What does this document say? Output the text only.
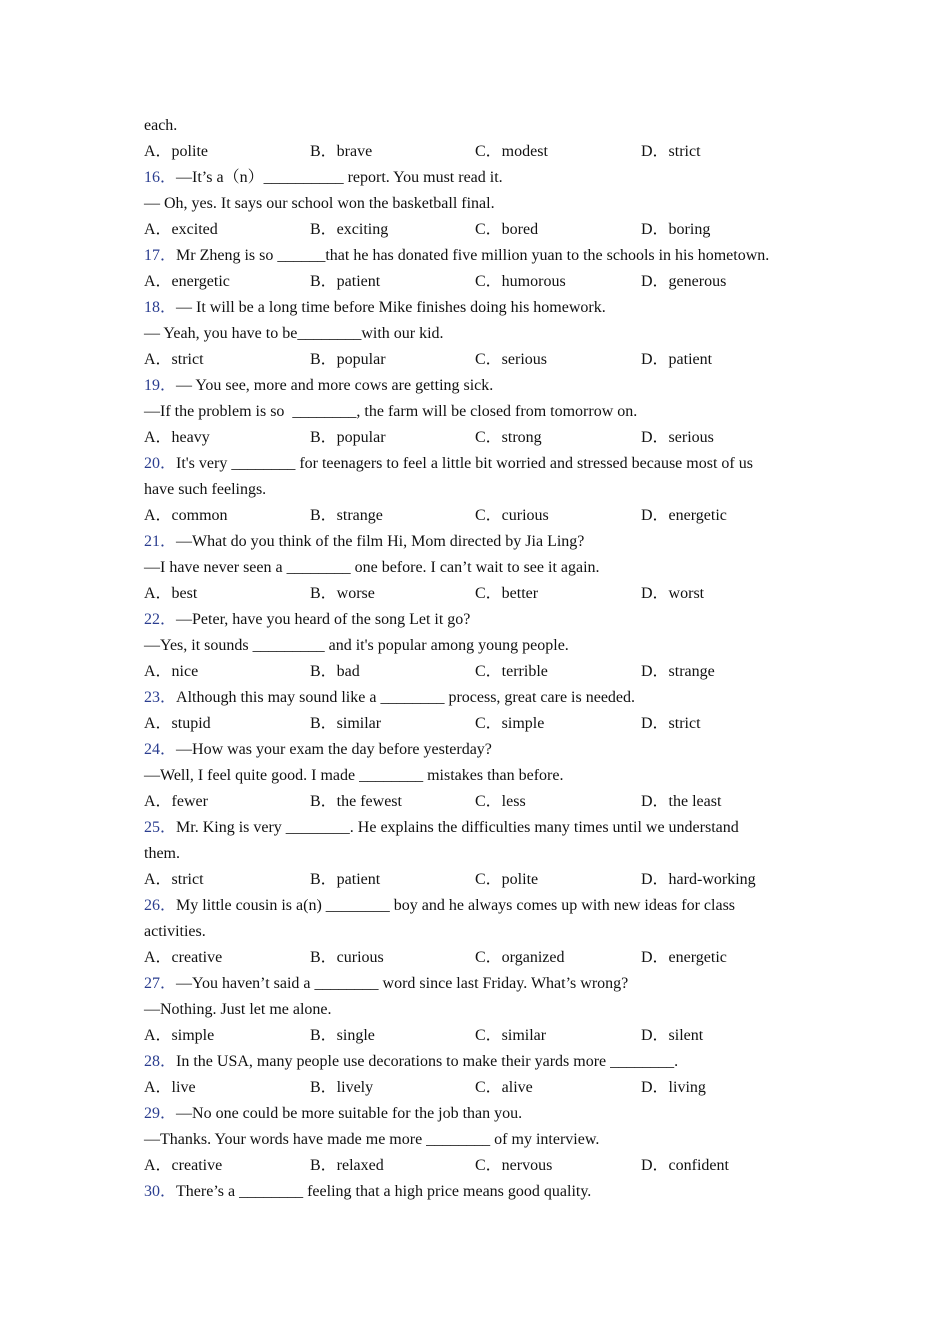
each.
A．polite	B．brave	C．modest	D．strict
16．—It’s a（n）__________ report. You must read it.
— Oh, yes. It says our school won the basketball final.
A．excited	B．exciting	C．bored	D．boring
17．Mr Zheng is so ______that he has donated five million yuan to the schools in his hometown.
A．energetic	B．patient	C．humorous	D．generous
18．— It will be a long time before Mike finishes doing his homework.
— Yeah, you have to be________with our kid.
A．strict	B．popular	C．serious	D．patient
19．— You see, more and more cows are getting sick.
—If the problem is so  ________, the farm will be closed from tomorrow on.
A．heavy	B．popular	C．strong	D．serious
20．It's very ________ for teenagers to feel a little bit worried and stressed because most of us
have such feelings.
A．common	B．strange	C．curious	D．energetic
21．—What do you think of the film Hi, Mom directed by Jia Ling?
—I have never seen a ________ one before. I can’t wait to see it again.
A．best	B．worse	C．better	D．worst
22．—Peter, have you heard of the song Let it go?
—Yes, it sounds _________ and it's popular among young people.
A．nice	B．bad	C．terrible	D．strange
23．Although this may sound like a ________ process, great care is needed.
A．stupid	B．similar	C．simple	D．strict
24．—How was your exam the day before yesterday?
—Well, I feel quite good. I made ________ mistakes than before.
A．fewer	B．the fewest	C．less	D．the least
25．Mr. King is very ________. He explains the difficulties many times until we understand
them.
A．strict	B．patient	C．polite	D．hard-working
26．My little cousin is a(n) ________ boy and he always comes up with new ideas for class
activities.
A．creative	B．curious	C．organized	D．energetic
27．—You haven’t said a ________ word since last Friday. What’s wrong?
—Nothing. Just let me alone.
A．simple	B．single	C．similar	D．silent
28．In the USA, many people use decorations to make their yards more ________.
A．live	B．lively	C．alive	D．living
29．—No one could be more suitable for the job than you.
—Thanks. Your words have made me more ________ of my interview.
A．creative	B．relaxed	C．nervous	D．confident
30．There’s a ________ feeling that a high price means good quality.
